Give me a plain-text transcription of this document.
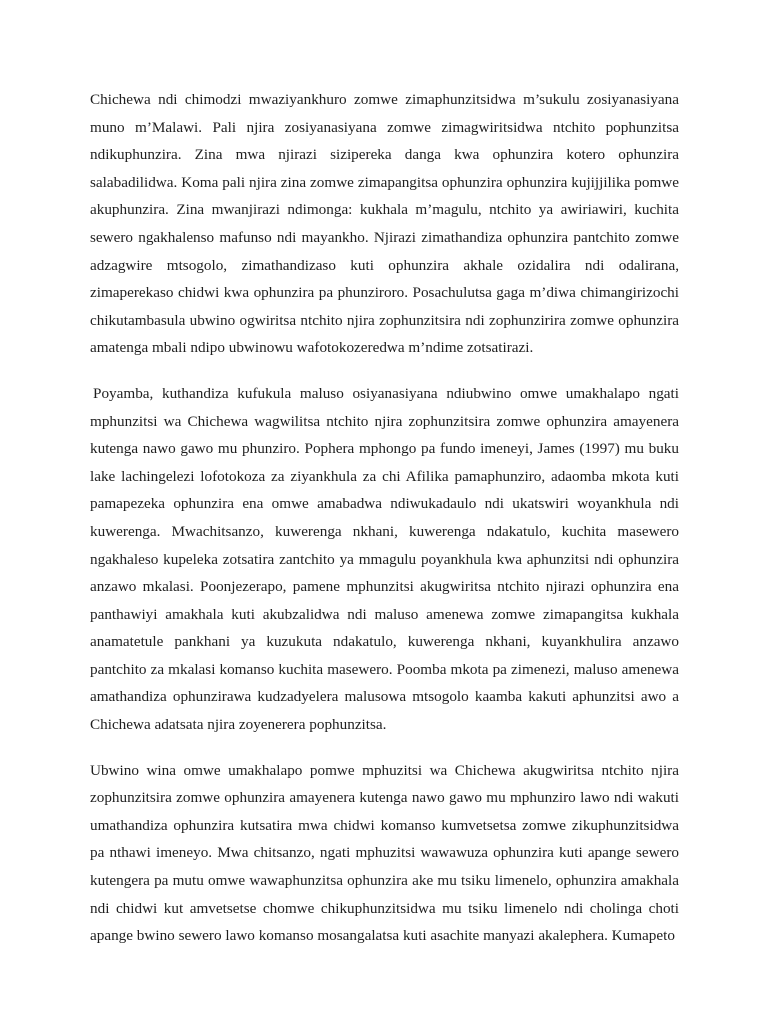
Chichewa ndi chimodzi mwaziyankhuro zomwe zimaphunzitsidwa m’sukulu zosiyanasiyana muno m’Malawi. Pali njira zosiyanasiyana zomwe zimagwiritsidwa ntchito pophunzitsa ndikuphunzira. Zina mwa njirazi sizipereka danga kwa ophunzira kotero ophunzira salabadilidwa. Koma pali njira zina zomwe zimapangitsa ophunzira ophunzira kujijjilika pomwe akuphunzira. Zina mwanjirazi ndimonga: kukhala m’magulu, ntchito ya awiriawiri, kuchita sewero ngakhalenso mafunso ndi mayankho. Njirazi zimathandiza ophunzira pantchito zomwe adzagwire mtsogolo, zimathandizaso kuti ophunzira akhale ozidalira ndi odalirana, zimaperekaso chidwi kwa ophunzira pa phunziroro. Posachulutsa gaga m’diwa chimangirizochi chikutambasula ubwino ogwiritsa ntchito njira zophunzitsira ndi zophunzirira zomwe ophunzira amatenga mbali ndipo ubwinowu wafotokozeredwa m’ndime zotsatirazi.

Poyamba, kuthandiza kufukula maluso osiyanasiyana ndiubwino omwe umakhalapo ngati mphunzitsi wa Chichewa wagwilitsa ntchito njira zophunzitsira zomwe ophunzira amayenera kutenga nawo gawo mu phunziro. Pophera mphongo pa fundo imeneyi, James (1997) mu buku lake lachingelezi lofotokoza za ziyankhula za chi Afilika pamaphunziro, adaomba mkota kuti pamapezeka ophunzira ena omwe amabadwa ndiwukadaulo ndi ukatswiri woyankhula ndi kuwerenga. Mwachitsanzo, kuwerenga nkhani, kuwerenga ndakatulo, kuchita masewero ngakhaleso kupeleka zotsatira zantchito ya mmagulu poyankhula kwa aphunzitsi ndi ophunzira anzawo mkalasi. Poonjezerapo, pamene mphunzitsi akugwiritsa ntchito njirazi ophunzira ena panthawiyi amakhala kuti akubzalidwa ndi maluso amenewa zomwe zimapangitsa kukhala anamatetule pankhani ya kuzukuta ndakatulo, kuwerenga nkhani, kuyankhulira anzawo pantchito za mkalasi komanso kuchita masewero. Poomba mkota pa zimenezi, maluso amenewa amathandiza ophunzirawa kudzadyelera malusowa mtsogolo kaamba kakuti aphunzitsi awo a Chichewa adatsata njira zoyenerera pophunzitsa.

Ubwino wina omwe umakhalapo pomwe mphuzitsi wa Chichewa akugwiritsa ntchito njira zophunzitsira zomwe ophunzira amayenera kutenga nawo gawo mu mphunziro lawo ndi wakuti umathandiza ophunzira kutsatira mwa chidwi komanso kumvetsetsa zomwe zikuphunzitsidwa pa nthawi imeneyo. Mwa chitsanzo, ngati mphuzitsi wawawuza ophunzira kuti apange sewero kutengera pa mutu omwe wawaphunzitsa ophunzira ake mu tsiku limenelo, ophunzira amakhala ndi chidwi kut amvetsetse chomwe chikuphunzitsidwa mu tsiku limenelo ndi cholinga choti apange bwino sewero lawo komanso mosangalatsa kuti asachite manyazi akalephera. Kumapeto
